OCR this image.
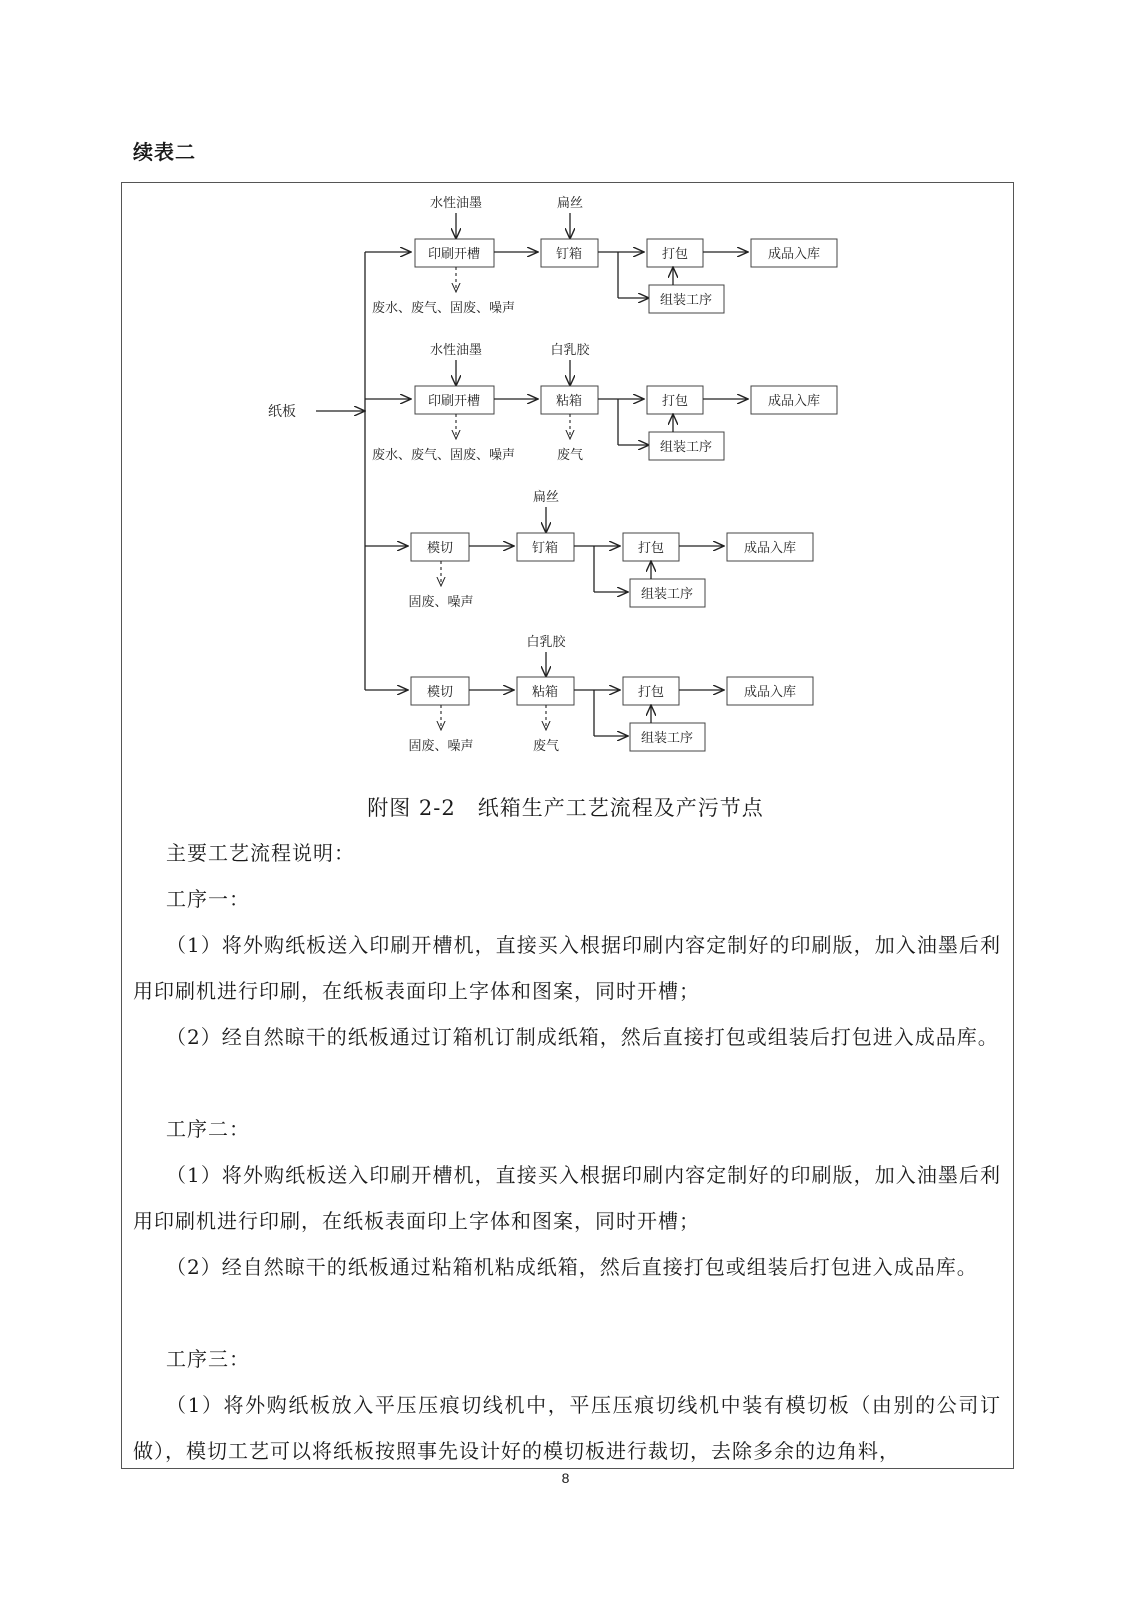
续表二
纸板
水性油墨
印刷开槽
废水、废气、固废、噪声
扁丝
钉箱	打包
组装工序
成品入库
水性油墨
印刷开槽
废水、废气、固废、噪声
白乳胶
粘箱
废气
打包
组装工序
成品入库
模切
固废、噪声
扁丝
钉箱	打包
组装工序
成品入库
模切
固废、噪声
白乳胶
粘箱
废气
打包
组装工序
成品入库
附图 2-2　纸箱生产工艺流程及产污节点
主要工艺流程说明：
工序一：
（1）将外购纸板送入印刷开槽机，直接买入根据印刷内容定制好的印刷版，加入油墨后利用印刷机进行印刷，在纸板表面印上字体和图案，同时开槽；
（2）经自然晾干的纸板通过订箱机订制成纸箱，然后直接打包或组装后打包进入成品库。
工序二：
（1）将外购纸板送入印刷开槽机，直接买入根据印刷内容定制好的印刷版，加入油墨后利用印刷机进行印刷，在纸板表面印上字体和图案，同时开槽；
（2）经自然晾干的纸板通过粘箱机粘成纸箱，然后直接打包或组装后打包进入成品库。
工序三：
（1）将外购纸板放入平压压痕切线机中，平压压痕切线机中装有模切板（由别的公司订做），模切工艺可以将纸板按照事先设计好的模切板进行裁切，去除多余的边角料，
8
